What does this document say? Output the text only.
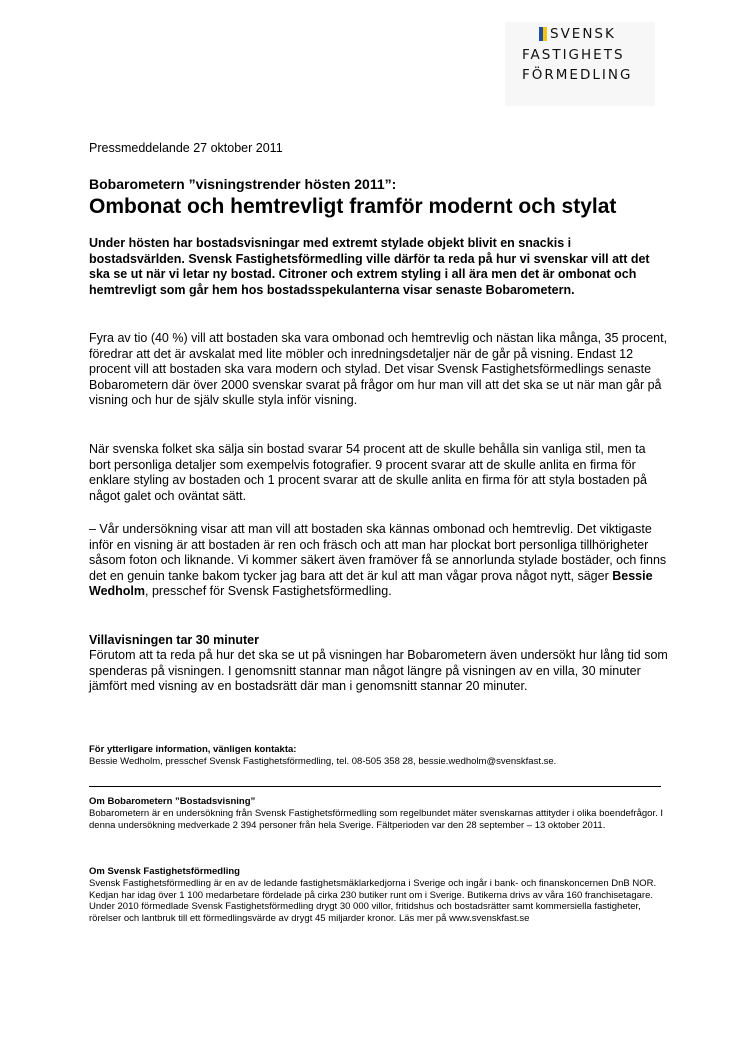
SVENSK
FASTIGHETS
FÖRMEDLING
Pressmeddelande 27 oktober 2011
Bobarometern ”visningstrender hösten 2011”:
Ombonat och hemtrevligt framför modernt och stylat
Under hösten har bostadsvisningar med extremt stylade objekt blivit en snackis i bostadsvärlden. Svensk Fastighetsförmedling ville därför ta reda på hur vi svenskar vill att det ska se ut när vi letar ny bostad. Citroner och extrem styling i all ära men det är ombonat och hemtrevligt som går hem hos bostadsspekulanterna visar senaste Bobarometern.
Fyra av tio (40 %) vill att bostaden ska vara ombonad och hemtrevlig och nästan lika många, 35 procent, föredrar att det är avskalat med lite möbler och inredningsdetaljer när de går på visning. Endast 12 procent vill att bostaden ska vara modern och stylad. Det visar Svensk Fastighetsförmedlings senaste Bobarometern där över 2000 svenskar svarat på frågor om hur man vill att det ska se ut när man går på visning och hur de själv skulle styla inför visning.
När svenska folket ska sälja sin bostad svarar 54 procent att de skulle behålla sin vanliga stil, men ta bort personliga detaljer som exempelvis fotografier. 9 procent svarar att de skulle anlita en firma för enklare styling av bostaden och 1 procent svarar att de skulle anlita en firma för att styla bostaden på något galet och oväntat sätt.
– Vår undersökning visar att man vill att bostaden ska kännas ombonad och hemtrevlig. Det viktigaste inför en visning är att bostaden är ren och fräsch och att man har plockat bort personliga tillhörigheter såsom foton och liknande. Vi kommer säkert även framöver få se annorlunda stylade bostäder, och finns det en genuin tanke bakom tycker jag bara att det är kul att man vågar prova något nytt, säger Bessie Wedholm, presschef för Svensk Fastighetsförmedling.
Villavisningen tar 30 minuter
Förutom att ta reda på hur det ska se ut på visningen har Bobarometern även undersökt hur lång tid som spenderas på visningen. I genomsnitt stannar man något längre på visningen av en villa, 30 minuter jämfört med visning av en bostadsrätt där man i genomsnitt stannar 20 minuter.
För ytterligare information, vänligen kontakta:
Bessie Wedholm, presschef Svensk Fastighetsförmedling, tel. 08-505 358 28, bessie.wedholm@svenskfast.se.
Om Bobarometern ”Bostadsvisning”
Bobarometern är en undersökning från Svensk Fastighetsförmedling som regelbundet mäter svenskarnas attityder i olika boendefrågor. I denna undersökning medverkade 2 394 personer från hela Sverige. Fältperioden var den 28 september – 13 oktober 2011.
Om Svensk Fastighetsförmedling
Svensk Fastighetsförmedling är en av de ledande fastighetsmäklarkedjorna i Sverige och ingår i bank- och finanskoncernen DnB NOR. Kedjan har idag över 1 100 medarbetare fördelade på cirka 230 butiker runt om i Sverige. Butikerna drivs av våra 160 franchisetagare. Under 2010 förmedlade Svensk Fastighetsförmedling drygt 30 000 villor, fritidshus och bostadsrätter samt kommersiella fastigheter, rörelser och lantbruk till ett förmedlingsvärde av drygt 45 miljarder kronor. Läs mer på www.svenskfast.se
